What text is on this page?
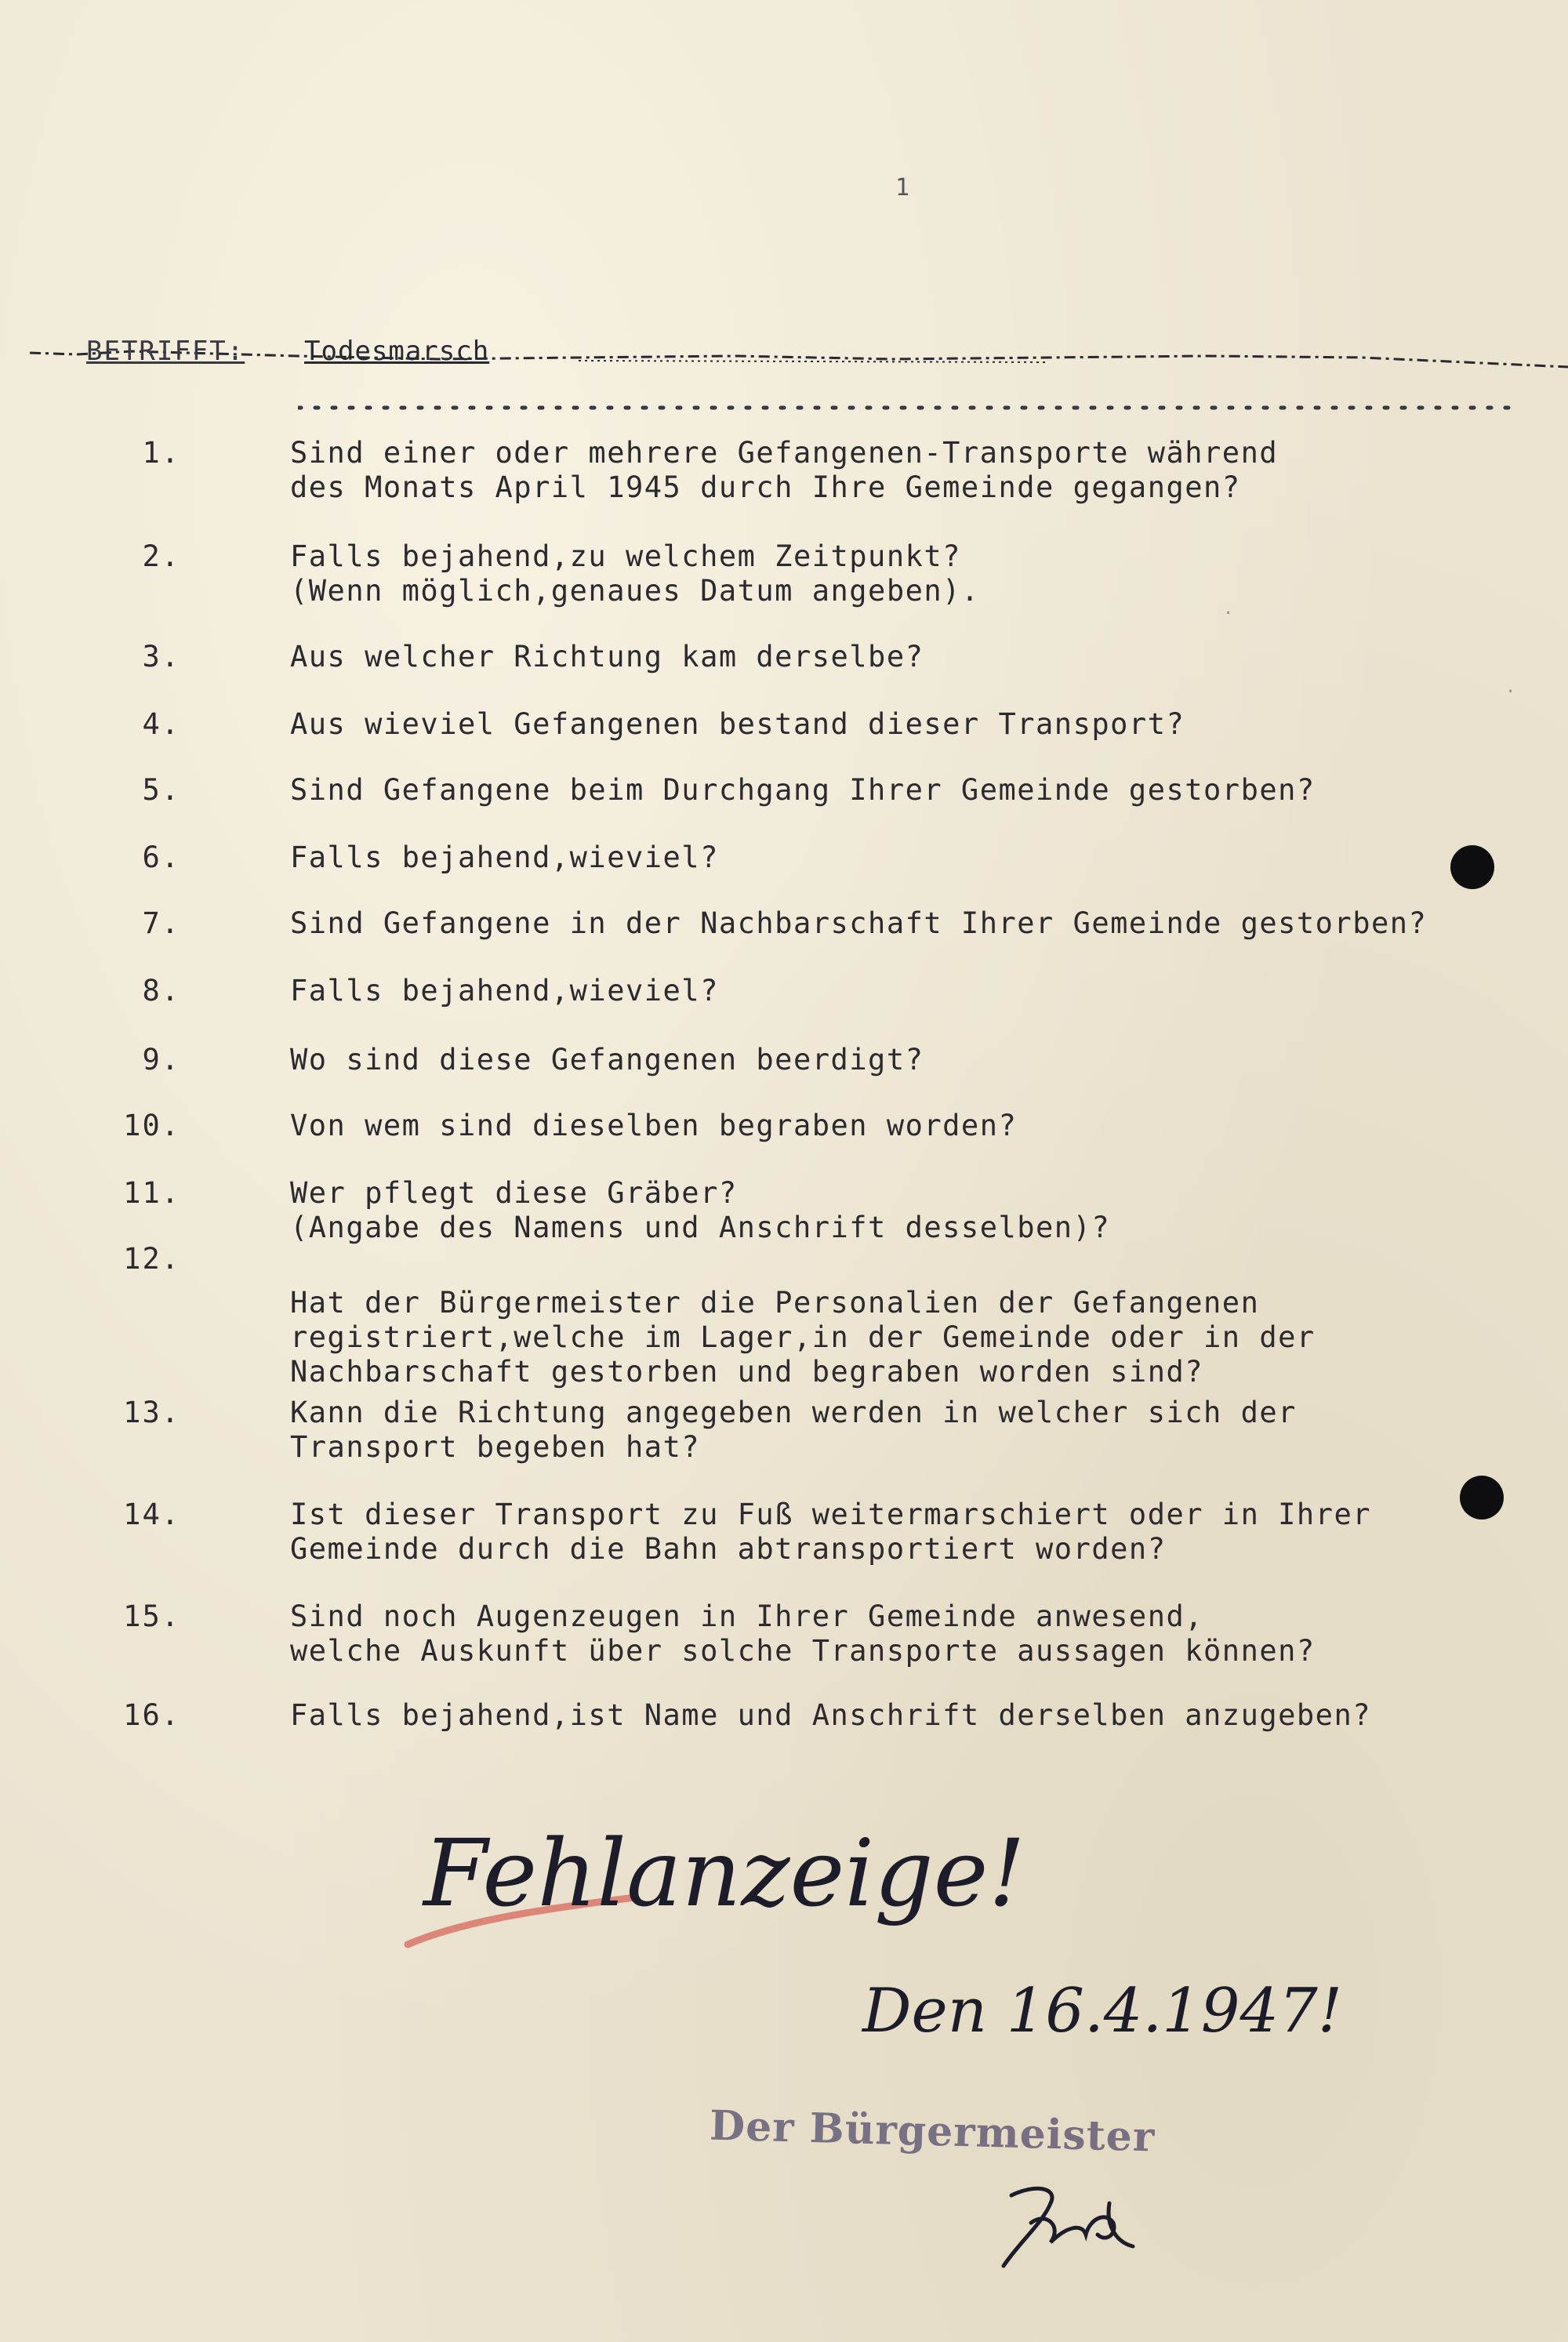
1
BETRIFFT: Todesmarsch
1.	Sind einer oder mehrere Gefangenen-Transporte während
des Monats April 1945 durch Ihre Gemeinde gegangen?
2.	Falls bejahend,zu welchem Zeitpunkt?
(Wenn möglich,genaues Datum angeben).
3.	Aus welcher Richtung kam derselbe?
4.	Aus wieviel Gefangenen bestand dieser Transport?
5.	Sind Gefangene beim Durchgang Ihrer Gemeinde gestorben?
6.	Falls bejahend,wieviel?
7.	Sind Gefangene in der Nachbarschaft Ihrer Gemeinde gestorben?
8.	Falls bejahend,wieviel?
9.	Wo sind diese Gefangenen beerdigt?
10.	Von wem sind dieselben begraben worden?
11.	Wer pflegt diese Gräber?
(Angabe des Namens und Anschrift desselben)?
12.
Hat der Bürgermeister die Personalien der Gefangenen
registriert,welche im Lager,in der Gemeinde oder in der
Nachbarschaft gestorben und begraben worden sind?
13.	Kann die Richtung angegeben werden in welcher sich der
Transport begeben hat?
14.	Ist dieser Transport zu Fuß weitermarschiert oder in Ihrer
Gemeinde durch die Bahn abtransportiert worden?
15.	Sind noch Augenzeugen in Ihrer Gemeinde anwesend,
welche Auskunft über solche Transporte aussagen können?
16.	Falls bejahend,ist Name und Anschrift derselben anzugeben?
·
·
Fehlanzeige!
Den 16.4.1947!
Der Bürgermeister
